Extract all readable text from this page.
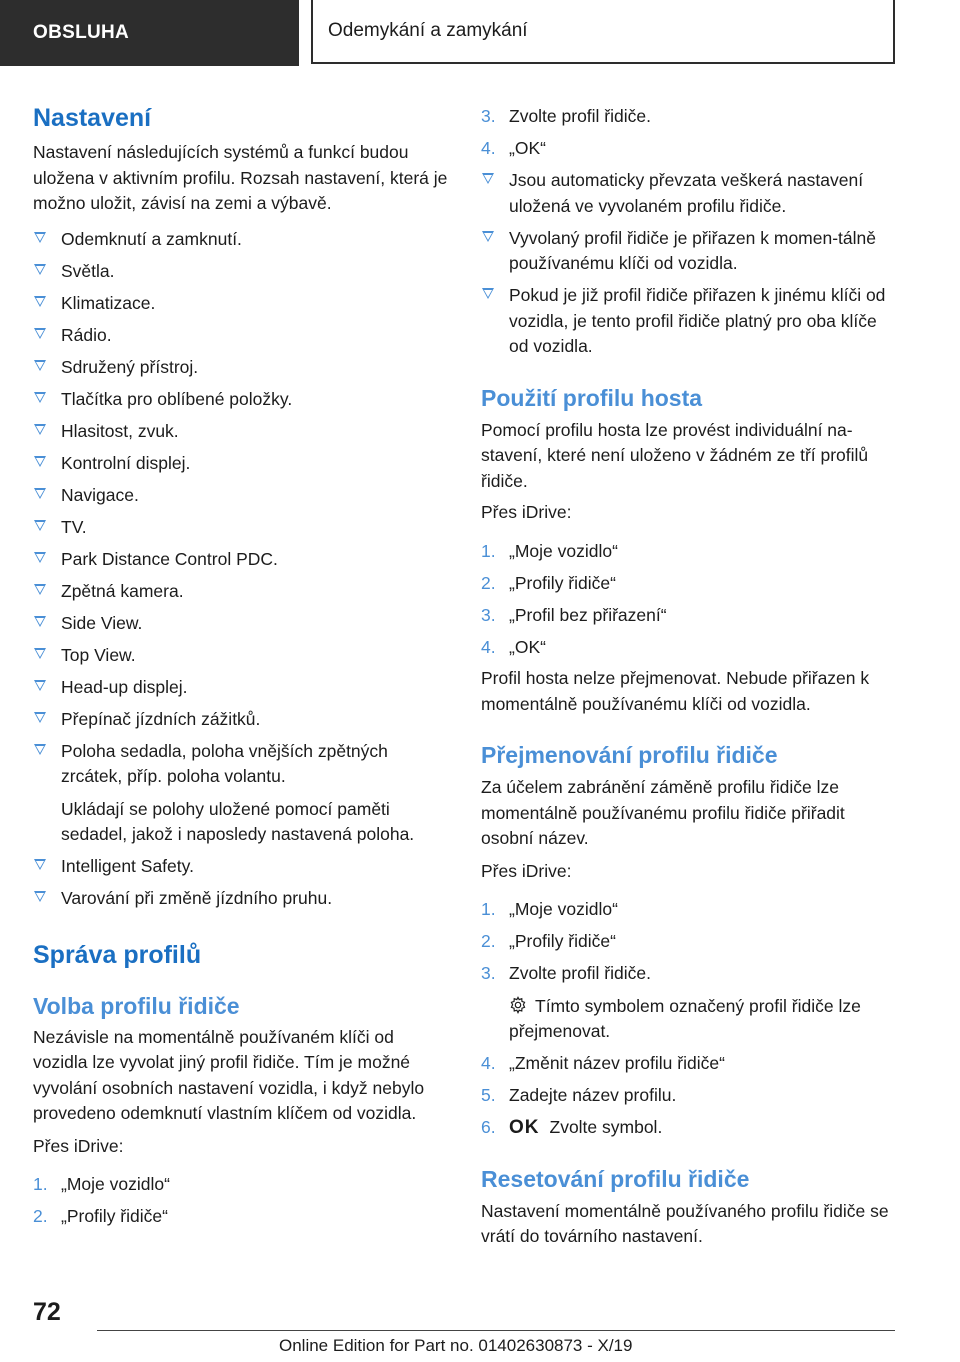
OBSLUHA	Odemykání a zamykání
Nastavení

Nastavení následujících systémů a funkcí budou uložena v aktivním profilu. Rozsah nastavení, která je možno uložit, závisí na zemi a výbavě.

Odemknutí a zamknutí.
Světla.
Klimatizace.
Rádio.
Sdružený přístroj.
Tlačítka pro oblíbené položky.
Hlasitost, zvuk.
Kontrolní displej.
Navigace.
TV.
Park Distance Control PDC.
Zpětná kamera.
Side View.
Top View.
Head-up displej.
Přepínač jízdních zážitků.
Poloha sedadla, poloha vnějších zpětných zrcátek, příp. poloha volantu.
Ukládají se polohy uložené pomocí paměti sedadel, jakož i naposledy nastavená poloha.
Intelligent Safety.
Varování při změně jízdního pruhu.
Správa profilů
Volba profilu řidiče

Nezávisle na momentálně používaném klíči od vozidla lze vyvolat jiný profil řidiče. Tím je možné vyvolání osobních nastavení vozidla, i když nebylo provedeno odemknutí vlastním klíčem od vozidla.

Přes iDrive:

1. „Moje vozidlo“
2. „Profily řidiče“
3. Zvolte profil řidiče.
4. „OK“
Jsou automaticky převzata veškerá nastavení uložená ve vyvolaném profilu řidiče.
Vyvolaný profil řidiče je přiřazen k momen‐tálně používanému klíči od vozidla.
Pokud je již profil řidiče přiřazen k jinému klíči od vozidla, je tento profil řidiče platný pro oba klíče od vozidla.
Použití profilu hosta

Pomocí profilu hosta lze provést individuální na‐stavení, které není uloženo v žádném ze tří profilů řidiče.

Přes iDrive:

1. „Moje vozidlo“
2. „Profily řidiče“
3. „Profil bez přiřazení“
4. „OK“

Profil hosta nelze přejmenovat. Nebude přiřazen k momentálně používanému klíči od vozidla.

Přejmenování profilu řidiče

Za účelem zabránění záměně profilu řidiče lze momentálně používanému profilu řidiče přiřadit osobní název.

Přes iDrive:

1. „Moje vozidlo“
2. „Profily řidiče“
3. Zvolte profil řidiče.
Tímto symbolem označený profil řidiče lze přejmenovat.
4. „Změnit název profilu řidiče“
5. Zadejte název profilu.
6. OK Zvolte symbol.
Resetování profilu řidiče

Nastavení momentálně používaného profilu řidiče se vrátí do továrního nastavení.

72
Online Edition for Part no. 01402630873 - X/19
